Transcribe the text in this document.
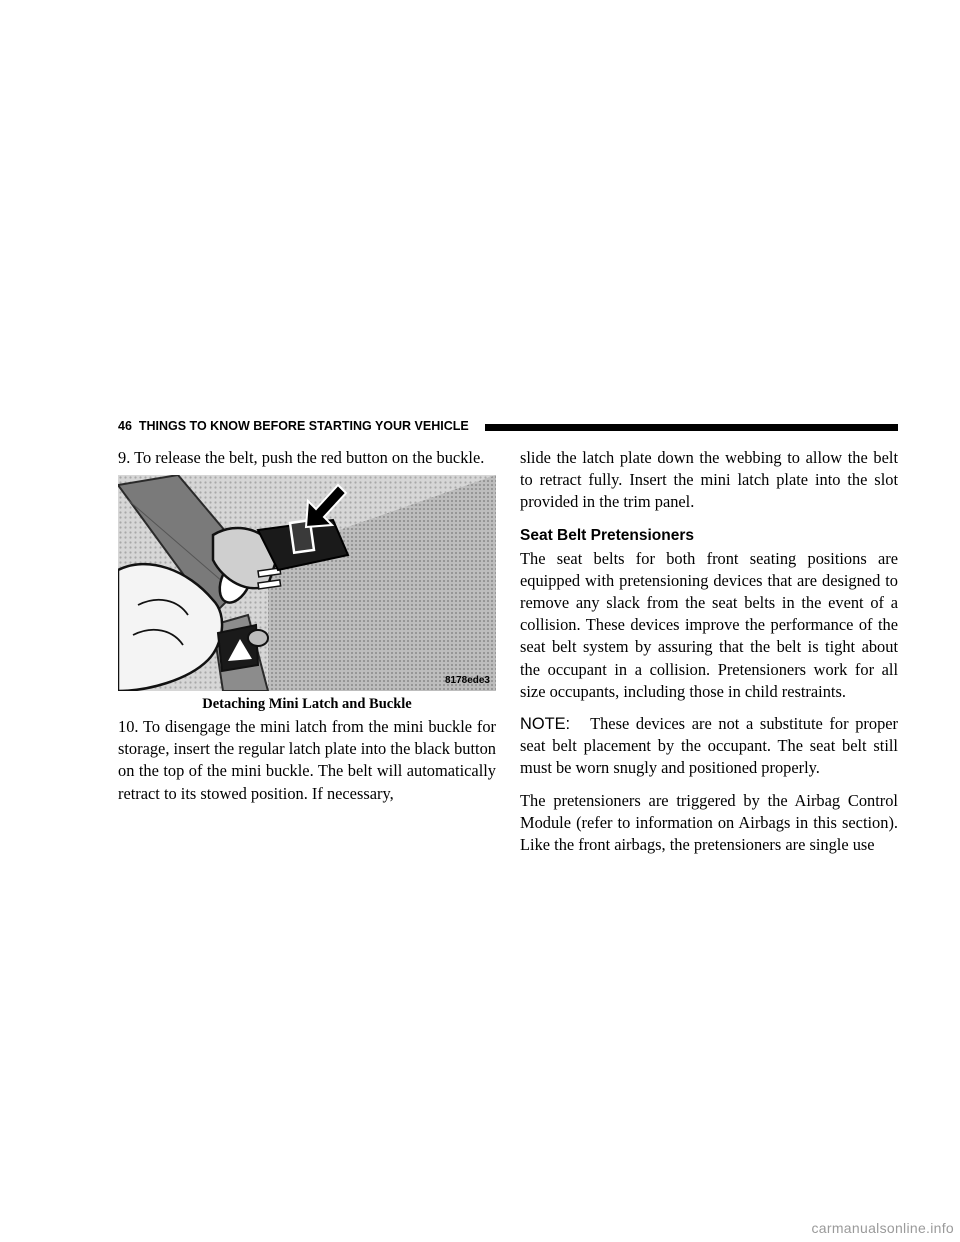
46 THINGS TO KNOW BEFORE STARTING YOUR VEHICLE

9. To release the belt, push the red button on the buckle.

8178ede3
Detaching Mini Latch and Buckle

10. To disengage the mini latch from the mini buckle for storage, insert the regular latch plate into the black button on the top of the mini buckle. The belt will automatically retract to its stowed position. If necessary,

slide the latch plate down the webbing to allow the belt to retract fully. Insert the mini latch plate into the slot provided in the trim panel.

Seat Belt Pretensioners

The seat belts for both front seating positions are equipped with pretensioning devices that are designed to remove any slack from the seat belts in the event of a collision. These devices improve the performance of the seat belt system by assuring that the belt is tight about the occupant in a collision. Pretensioners work for all size occupants, including those in child restraints.

NOTE: These devices are not a substitute for proper seat belt placement by the occupant. The seat belt still must be worn snugly and positioned properly.

The pretensioners are triggered by the Airbag Control Module (refer to information on Airbags in this section). Like the front airbags, the pretensioners are single use

carmanualsonline.info
